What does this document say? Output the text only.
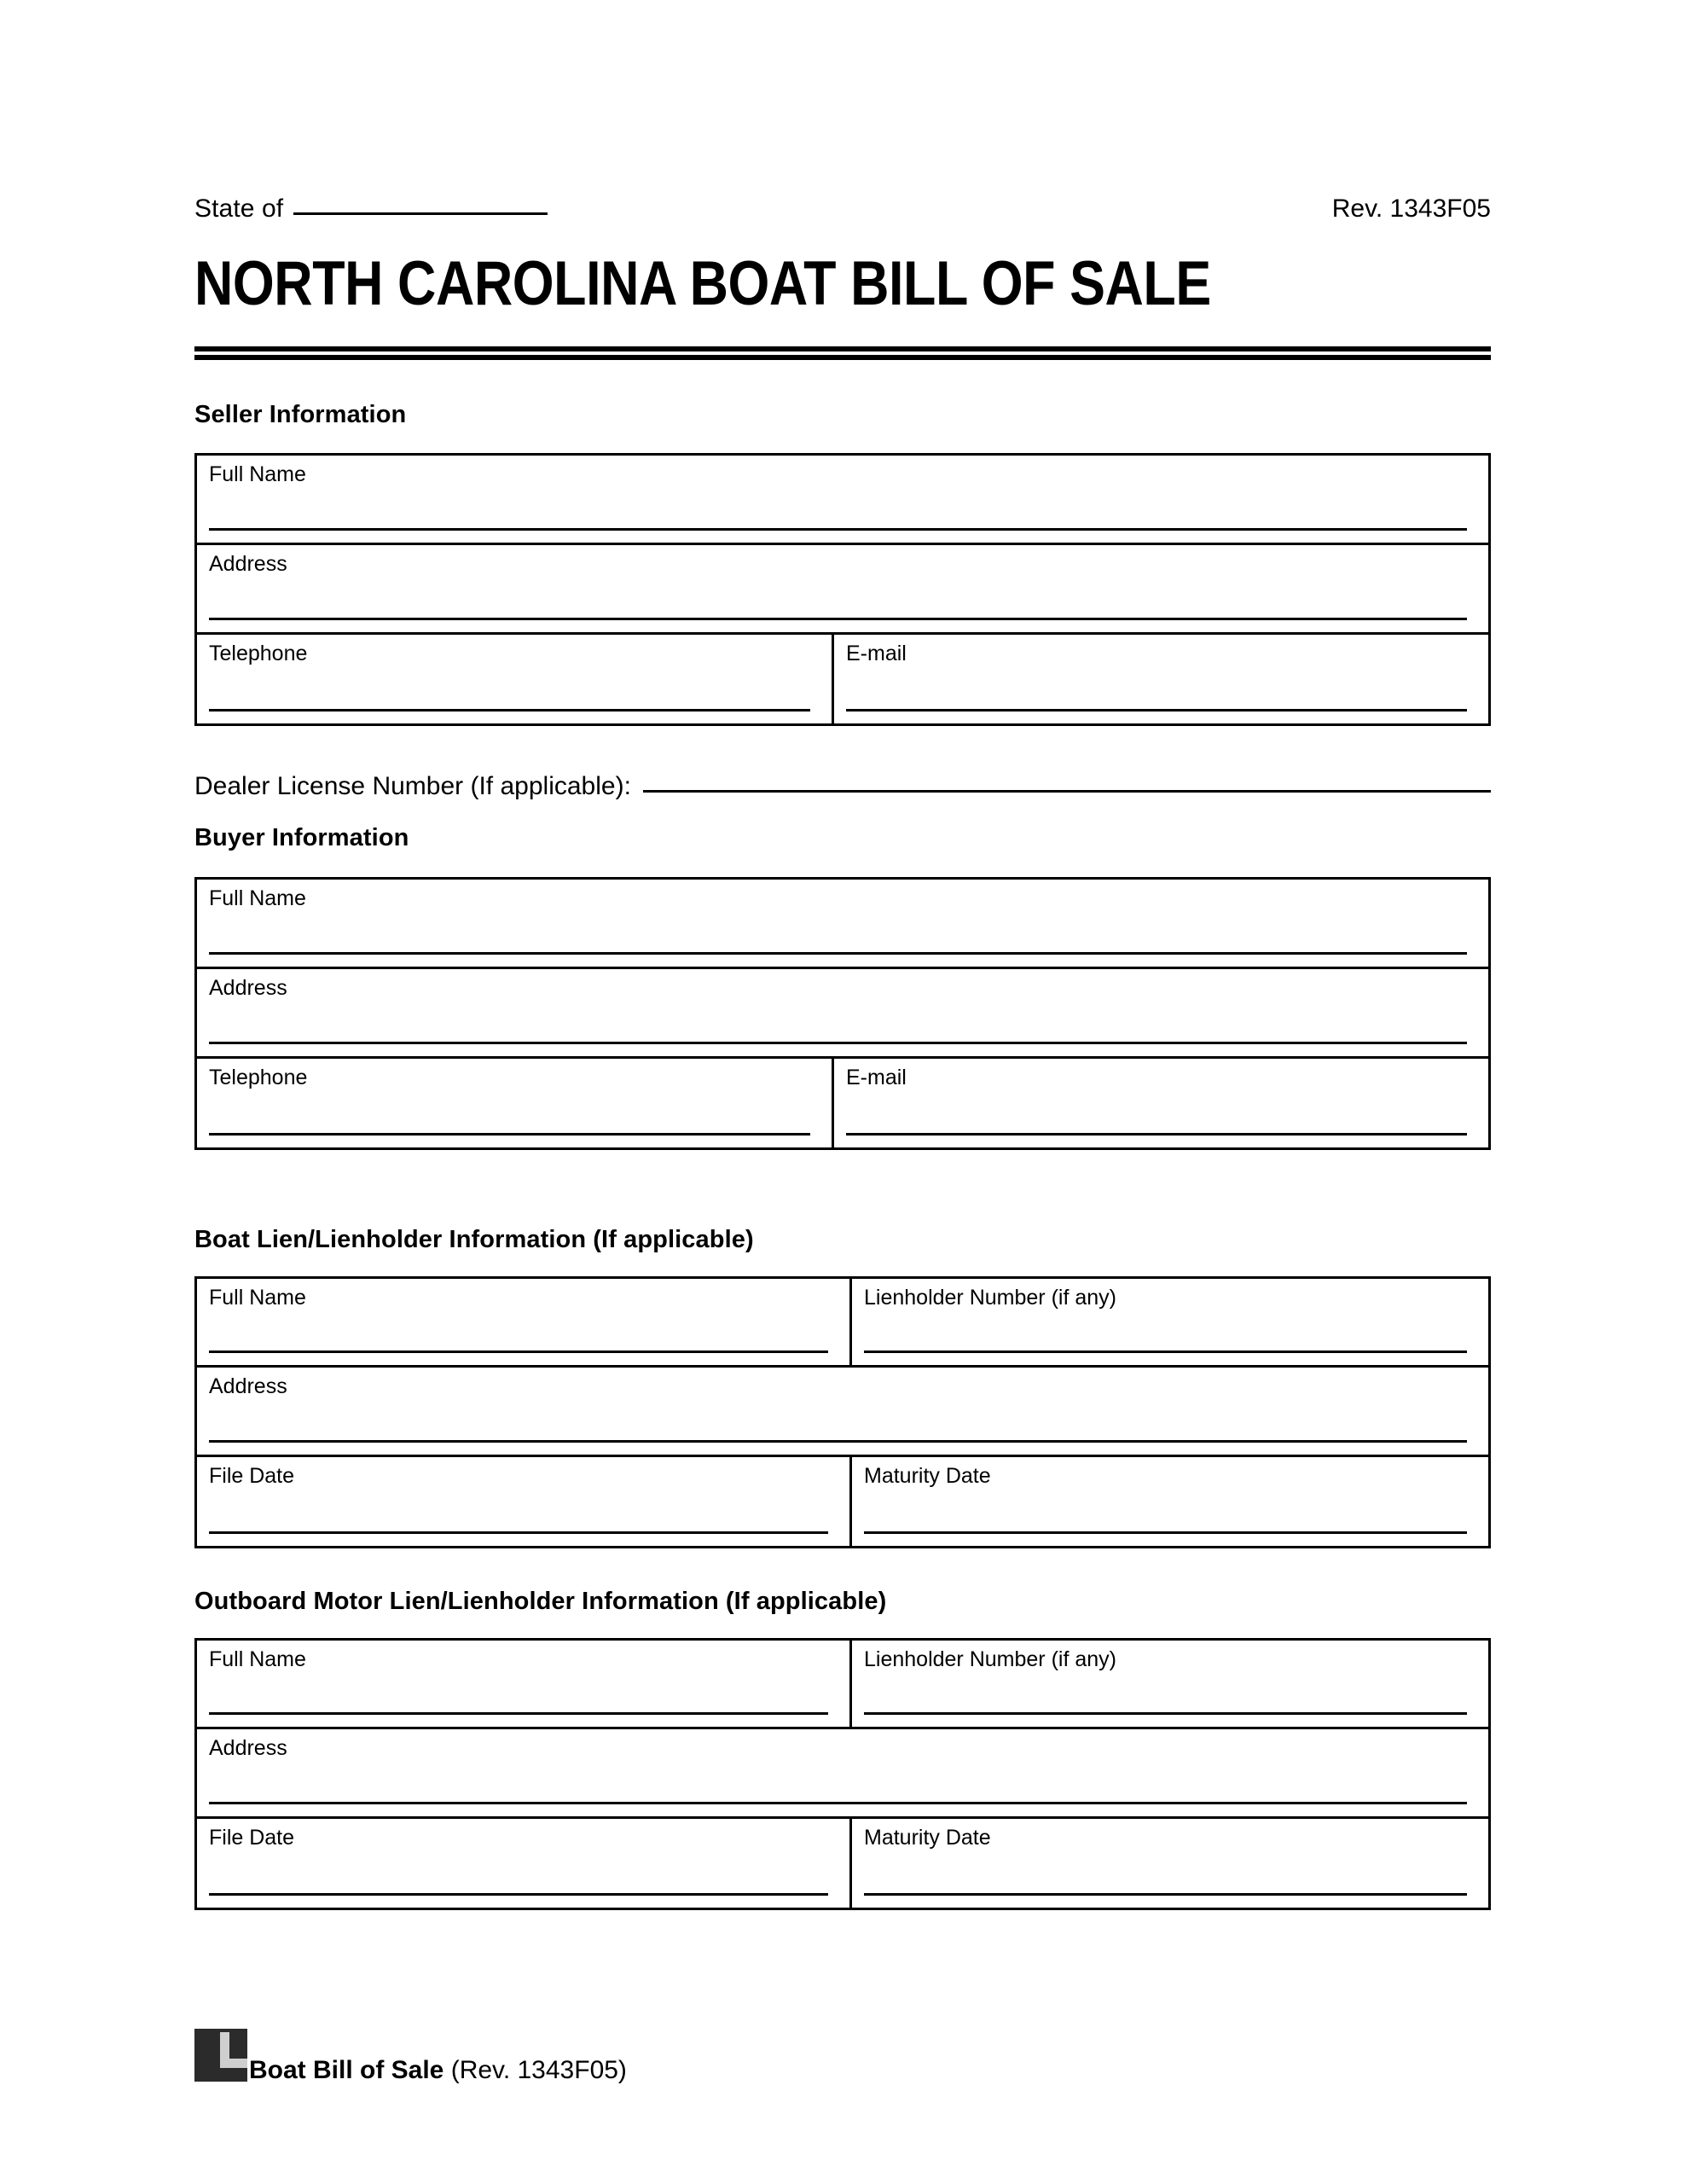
State of	Rev. 1343F05
NORTH CAROLINA BOAT BILL OF SALE
Seller Information
Full Name
Address
Telephone	E-mail
Dealer License Number (If applicable):
Buyer Information
Full Name
Address
Telephone	E-mail
Boat Lien/Lienholder Information (If applicable)
Full Name	Lienholder Number (if any)
Address
File Date	Maturity Date
Outboard Motor Lien/Lienholder Information (If applicable)
Full Name	Lienholder Number (if any)
Address
File Date	Maturity Date
Boat Bill of Sale (Rev. 1343F05)
